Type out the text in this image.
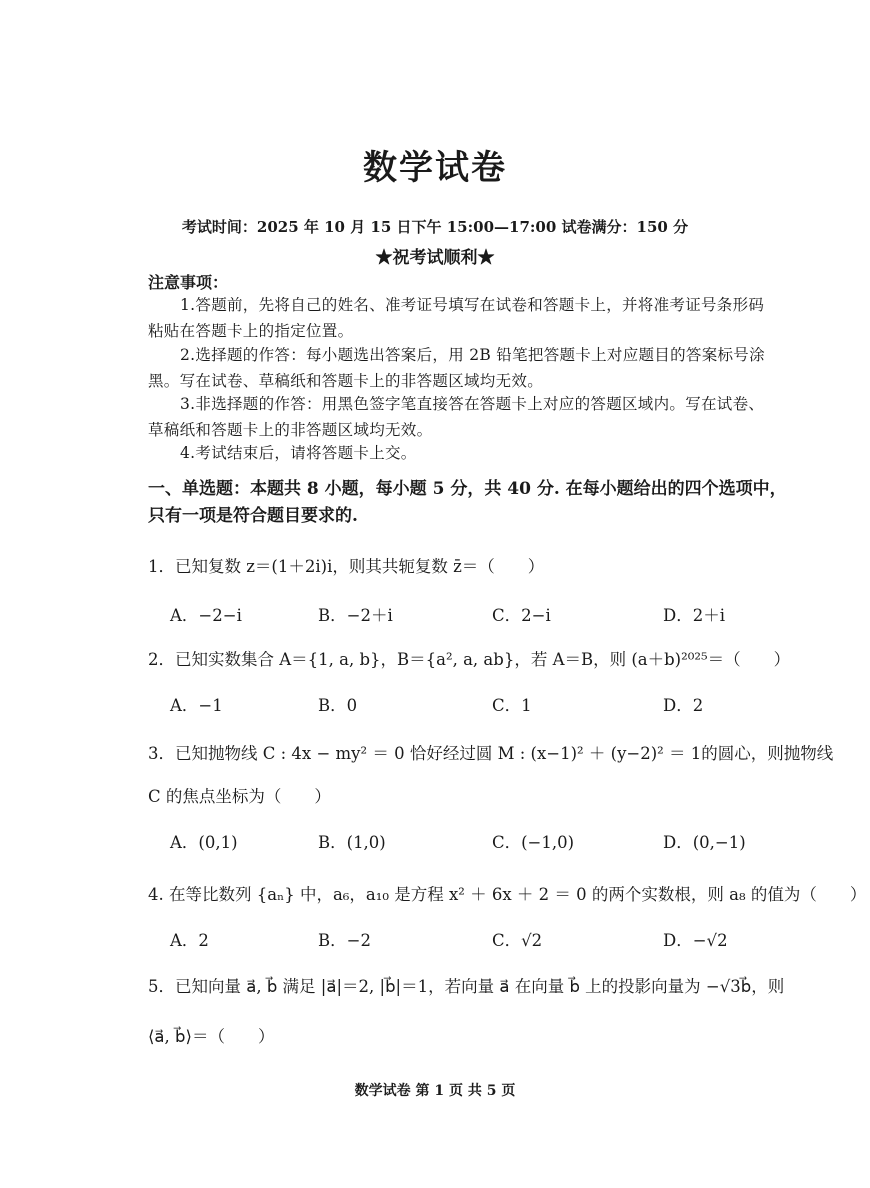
数学试卷
考试时间：2025 年 10 月 15 日下午 15:00—17:00 试卷满分：150 分
★祝考试顺利★
注意事项：
1.答题前，先将自己的姓名、准考证号填写在试卷和答题卡上，并将准考证号条形码粘贴在答题卡上的指定位置。
2.选择题的作答：每小题选出答案后，用 2B 铅笔把答题卡上对应题目的答案标号涂黑。写在试卷、草稿纸和答题卡上的非答题区域均无效。
3.非选择题的作答：用黑色签字笔直接答在答题卡上对应的答题区域内。写在试卷、草稿纸和答题卡上的非答题区域均无效。
4.考试结束后，请将答题卡上交。
一、单选题：本题共 8 小题，每小题 5 分，共 40 分. 在每小题给出的四个选项中，只有一项是符合题目要求的.
1．已知复数 z＝(1＋2i)i，则其共轭复数 z̄＝（　　）
A．−2−i	B．−2＋i	C．2−i	D．2＋i
2．已知实数集合 A＝{1, a, b}，B＝{a², a, ab}，若 A＝B，则 (a＋b)²⁰²⁵＝（　　）
A．−1	B．0	C．1	D．2
3．已知抛物线 C : 4x − my² ＝ 0 恰好经过圆 M : (x−1)² ＋ (y−2)² ＝ 1的圆心，则抛物线
C 的焦点坐标为（　　）
A．(0,1)	B．(1,0)	C．(−1,0)	D．(0,−1)
4. 在等比数列 {aₙ} 中，a₆，a₁₀ 是方程 x² ＋ 6x ＋ 2 ＝ 0 的两个实数根，则 a₈ 的值为（　　）
A．2	B．−2	C．√2	D．−√2
5．已知向量 a⃗, b⃗ 满足 |a⃗|＝2, |b⃗|＝1，若向量 a⃗ 在向量 b⃗ 上的投影向量为 −√3b⃗，则
⟨a⃗, b⃗⟩＝（　　）
数学试卷 第 1 页 共 5 页
